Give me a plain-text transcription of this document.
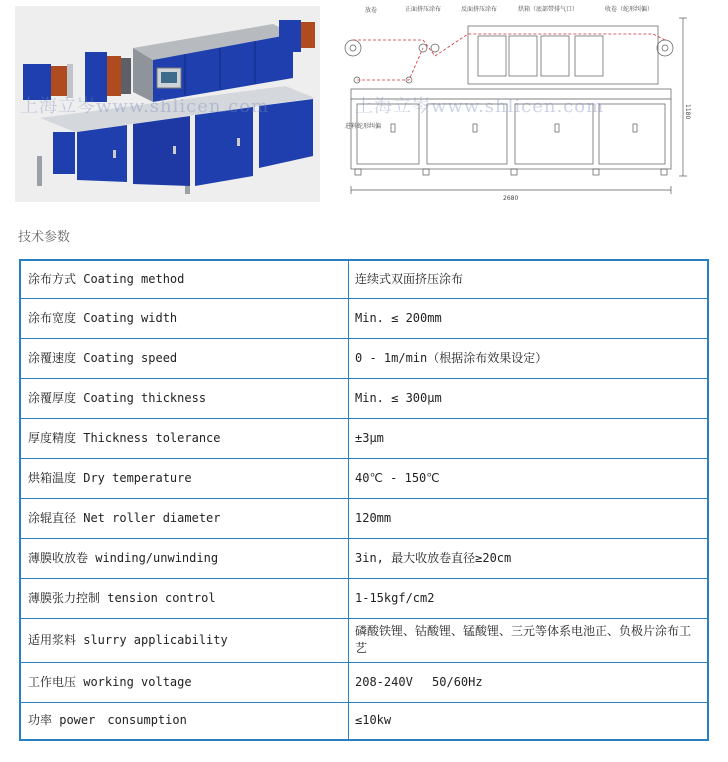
放卷	正面挤压涂布	反面挤压涂布	烘箱（底部带排气口）	收卷（蛇形纠偏）
进料蛇形纠偏
2680
1180
上海立岑www.shlicen.com	上海立岑www.shlicen.com
技术参数
涂布方式 Coating method	连续式双面挤压涂布
涂布宽度 Coating width	Min. ≤ 200mm
涂覆速度 Coating speed	0 - 1m/min（根据涂布效果设定）
涂覆厚度 Coating thickness	Min. ≤ 300μm
厚度精度 Thickness tolerance	±3μm
烘箱温度 Dry temperature	40℃ - 150℃
涂辊直径 Net roller diameter	120mm
薄膜收放卷 winding/unwinding	3in, 最大收放卷直径≥20cm
薄膜张力控制 tension control	1-15kgf/cm2
适用浆料 slurry applicability	磷酸铁锂、钴酸锂、锰酸锂、三元等体系电池正、负极片涂布工艺
工作电压 working voltage	208-240V　 50/60Hz
功率 power　consumption	≤10kw
